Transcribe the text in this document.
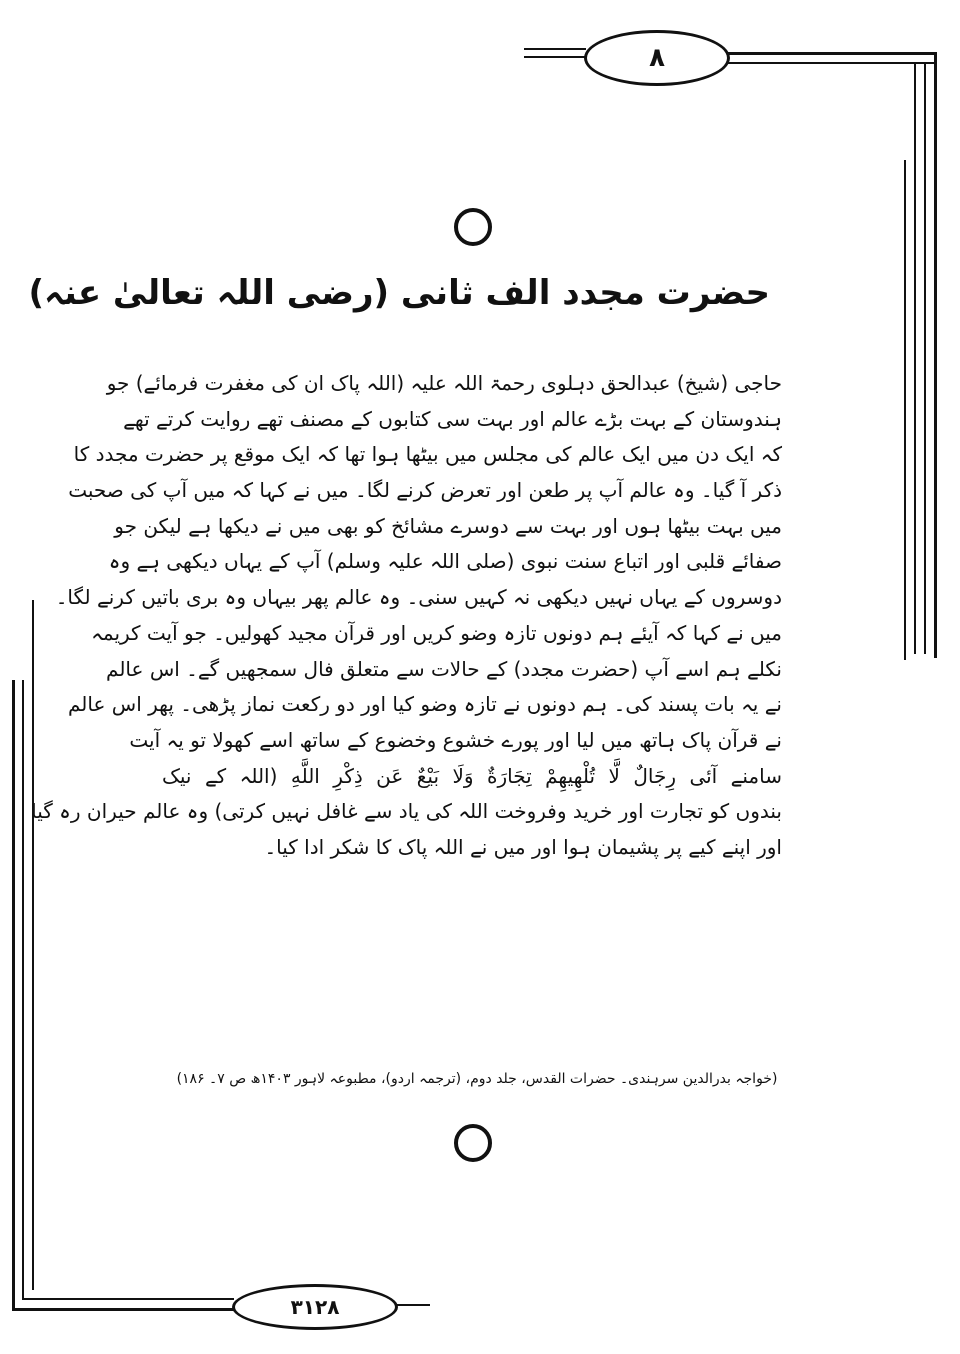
۸
۳۱۲۸
حضرت مجدد الف ثانی (رضی اللہ تعالیٰ عنہ)
حاجی (شیخ) عبدالحق دہلوی رحمۃ اللہ علیہ (اللہ پاک ان کی مغفرت فرمائے) جو
ہندوستان کے بہت بڑے عالم اور بہت سی کتابوں کے مصنف تھے روایت کرتے تھے
کہ ایک دن میں ایک عالم کی مجلس میں بیٹھا ہوا تھا کہ ایک موقع پر حضرت مجدد کا
ذکر آ گیا۔ وہ عالم آپ پر طعن اور تعرض کرنے لگا۔ میں نے کہا کہ میں آپ کی صحبت
میں بہت بیٹھا ہوں اور بہت سے دوسرے مشائخ کو بھی میں نے دیکھا ہے لیکن جو
صفائے قلبی اور اتباع سنت نبوی (صلی اللہ علیہ وسلم) آپ کے یہاں دیکھی ہے وہ
دوسروں کے یہاں نہیں دیکھی نہ کہیں سنی۔ وہ عالم پھر بیہاں وہ بری باتیں کرنے لگا۔
میں نے کہا کہ آیئے ہم دونوں تازہ وضو کریں اور قرآن مجید کھولیں۔ جو آیت کریمہ
نکلے ہم اسے آپ (حضرت مجدد) کے حالات سے متعلق فال سمجھیں گے۔ اس عالم
نے یہ بات پسند کی۔ ہم دونوں نے تازہ وضو کیا اور دو رکعت نماز پڑھی۔ پھر اس عالم
نے قرآن پاک ہاتھ میں لیا اور پورے خشوع وخضوع کے ساتھ اسے کھولا تو یہ آیت
سامنے آئی رِجَالٌ لَّا تُلْهِيهِمْ تِجَارَةٌ وَلَا بَيْعٌ عَن ذِكْرِ اللَّهِ (اللہ کے نیک
بندوں کو تجارت اور خرید وفروخت اللہ کی یاد سے غافل نہیں کرتی) وہ عالم حیران رہ گیا
اور اپنے کیے پر پشیمان ہوا اور میں نے اللہ پاک کا شکر ادا کیا۔
(خواجہ بدرالدین سرہندی۔ حضرات القدس، جلد دوم، (ترجمہ اردو)، مطبوعہ لاہور ۱۴۰۳ھ ص ۷۔ ۱۸۶)
